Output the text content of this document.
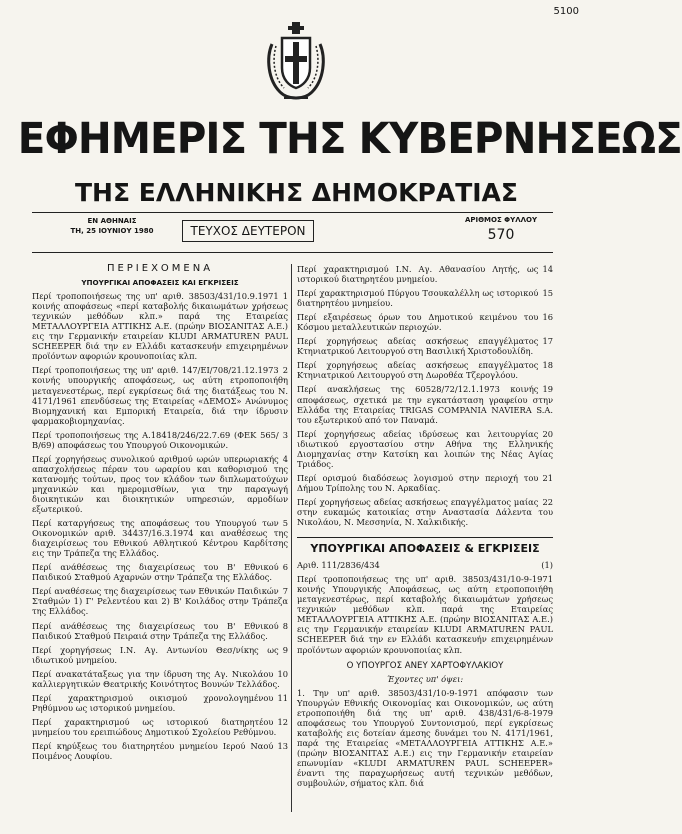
5100
ΕΦΗΜΕΡΙΣ ΤΗΣ ΚΥΒΕΡΝΗΣΕΩΣ
ΤΗΣ ΕΛΛΗΝΙΚΗΣ ΔΗΜΟΚΡΑΤΙΑΣ
ΕΝ ΑΘΗΝΑΙΣ
ΤΗ, 25 ΙΟΥΝΙΟΥ 1980	ΤΕΥΧΟΣ ΔΕΥΤΕΡΟΝ
ΑΡΙΘΜΟΣ ΦΥΛΛΟΥ
570
ΠΕΡΙΕΧΟΜΕΝΑ
ΥΠΟΥΡΓΙΚΑΙ ΑΠΟΦΑΣΕΙΣ ΚΑΙ ΕΓΚΡΙΣΕΙΣ
1
Περί τροποποιήσεως της υπ' αριθ. 38503/431/10.9.1971 κοινής αποφάσεως «περί καταβολής δικαιωμάτων χρήσεως τεχνικών μεθόδων κλπ.» παρά της Εταιρείας ΜΕΤΑΛΛΟΥΡΓΕΙΑ ΑΤΤΙΚΗΣ Α.Ε. (πρώην ΒΙΟΣΑΝΙΤΑΣ Α.Ε.) εις την Γερμανικήν εταιρείαν KLUDI ARMATUREN PAUL SCHEEPER διά την εν Ελλάδι κατασκευήν επιχειρημένων προϊόντων αφοριών κρουνοποιίας κλπ.
2
Περί τροποποιήσεως της υπ' αριθ. 147/EI/708/21.12.1973 κοινής υπουργικής αποφάσεως, ως αύτη ετροποποιήθη μεταγενεστέρως, περί εγκρίσεως διά της διατάξεως του Ν. 4171/1961 επενδύσεως της Εταιρείας «ΔΕΜΟΣ» Ανώνυμος Βιομηχανική και Εμπορική Εταιρεία, διά την ίδρυσιν φαρμακοβιομηχανίας.
3
Περί τροποποιήσεως της Α.18418/246/22.7.69 (ΦΕΚ 565/Β/69) αποφάσεως του Υπουργού Οικονομικών.
4
Περί χορηγήσεως συνολικού αριθμού ωρών υπερωριακής απασχολήσεως πέραν του ωραρίου και καθορισμού της κατανομής τούτων, προς τον κλάδον των διπλωματούχων μηχανικών και ημερομισθίων, για την παραγωγή διοικητικών και διοικητικών υπηρεσιών, αρμοδίων εξωτερικού.
5
Περί καταργήσεως της αποφάσεως του Υπουργού των Οικονομικών αριθ. 34437/16.3.1974 και αναθέσεως της διαχειρίσεως του Εθνικού Αθλητικού Κέντρου Καρδίτσης εις την Τράπεζα της Ελλάδος.
6
Περί ανάθέσεως της διαχειρίσεως του Β' Εθνικού Παιδικού Σταθμού Αχαρνών στην Τράπεζα της Ελλάδος.
7
Περί αναθέσεως της διαχειρίσεως των Εθνικών Παιδικών Σταθμών 1) Γ' Ρελεντέου και 2) Β' Κοιλάδος στην Τράπεζα της Ελλάδος.
8
Περί ανάθέσεως της διαχειρίσεως του Β' Εθνικού Παιδικού Σταθμού Πειραιά στην Τράπεζα της Ελλάδος.
9
Περί χορηγήσεως Ι.Ν. Αγ. Αντωνίου Θεσ/νίκης ως ιδιωτικού μνημείου.
10
Περί ανακατάταξεως για την ίδρυση της Αγ. Νικολάου καλλιεργητικών Θεατρικής Κοινότητος Βουνών Τελλάδος.
11
Περί χαρακτηρισμού οικισμού χρονολογημένου Ρηθύμνου ως ιστορικού μνημείου.
12
Περί χαρακτηρισμού ως ιστορικού διατηρητέου μνημείου του ερειπιώδους Δημοτικού Σχολείου Ρεθύμνου.
13
Περί κηρύξεως του διατηρητέου μνημείου Ιερού Ναού Ποιμένος Λουφίου.
14
Περί χαρακτηρισμού Ι.Ν. Αγ. Αθανασίου Λητής, ως ιστορικού διατηρητέου μνημείου.
15
Περί χαρακτηρισμού Πύργου Τσουκαλέλλη ως ιστορικού διατηρητέου μνημείου.
16
Περί εξαιρέσεως όρων του Δημοτικού κειμένου του Κόσμου μεταλλευτικών περιοχών.
17
Περί χορηγήσεως αδείας ασκήσεως επαγγέλματος Κτηνιατρικού Λειτουργού στη Βασιλική Χριστοδουλίδη.
18
Περί χορηγήσεως αδείας ασκήσεως επαγγέλματος Κτηνιατρικού Λειτουργού στη Δωροθέα Τζερογλόου.
19
Περί ανακλήσεως της 60528/72/12.1.1973 κοινής αποφάσεως, σχετικά με την εγκατάσταση γραφείου στην Ελλάδα της Εταιρείας TRIGAS COMPANIA NAVIERA S.A. του εξωτερικού από τον Παναμά.
20
Περί χορηγήσεως αδείας ιδρύσεως και λειτουργίας ιδιωτικού εργοστασίου στην Αθήνα της Ελληνικής Διομηχανίας στην Κατσίκη και λοιπών της Νέας Αγίας Τριάδος.
21
Περί ορισμού διαδόσεως λογισμού στην περιοχή του Δήμου Τρίπολης του Ν. Αρκαδίας.
22
Περί χορηγήσεως αδείας ασκήσεως επαγγέλματος μαίας στην ευκαμώς κατοικίας στην Αναστασία Δάλεντα του Νικολάου, Ν. Μεσσηνία, Ν. Χαλκιδικής.
ΥΠΟΥΡΓΙΚΑΙ ΑΠΟΦΑΣΕΙΣ & ΕΓΚΡΙΣΕΙΣ
Αριθ. 111/2836/434	(1)

Περί τροποποιήσεως της υπ' αριθ. 38503/431/10-9-1971 κοινής Υπουργικής Αποφάσεως, ως αύτη ετροποποιήθη μεταγενεστέρως, περί καταβολής δικαιωμάτων χρήσεως τεχνικών μεθόδων κλπ. παρά της Εταιρείας ΜΕΤΑΛΛΟΥΡΓΕΙΑ ΑΤΤΙΚΗΣ Α.Ε. (πρώην ΒΙΟΣΑΝΙΤΑΣ Α.Ε.) εις την Γερμανικήν εταιρείαν KLUDI ARMATUREN PAUL SCHEEPER διά την εν Ελλάδι κατασκευήν επιχειρημένων προϊόντων αφοριών κρουνοποιίας κλπ.

Ο ΥΠΟΥΡΓΟΣ ΑΝΕΥ ΧΑΡΤΟΦΥΛΑΚΙΟΥ
Έχοντες υπ' όψει:

1. Την υπ' αριθ. 38503/431/10-9-1971 απόφασιν των Υπουργών Εθνικής Οικονομίας και Οικονομικών, ως αύτη ετροποποιήθη διά της υπ' αριθ. 438/431/6-8-1979 αποφάσεως του Υπουργού Συντονισμού, περί εγκρίσεως καταβολής εις δοτείαν άμεσης δυνάμει του Ν. 4171/1961, παρά της Εταιρείας «ΜΕΤΑΛΛΟΥΡΓΕΙΑ ΑΤΤΙΚΗΣ Α.Ε.» (πρώην ΒΙΟΣΑΝΙΤΑΣ Α.Ε.) εις την Γερμανικήν εταιρείαν επωνυμίαν «KLUDI ARMATUREN PAUL SCHEEPER» έναντι της παραχωρήσεως αυτή τεχνικών μεθόδων, συμβουλών, σήματος κλπ. διά
